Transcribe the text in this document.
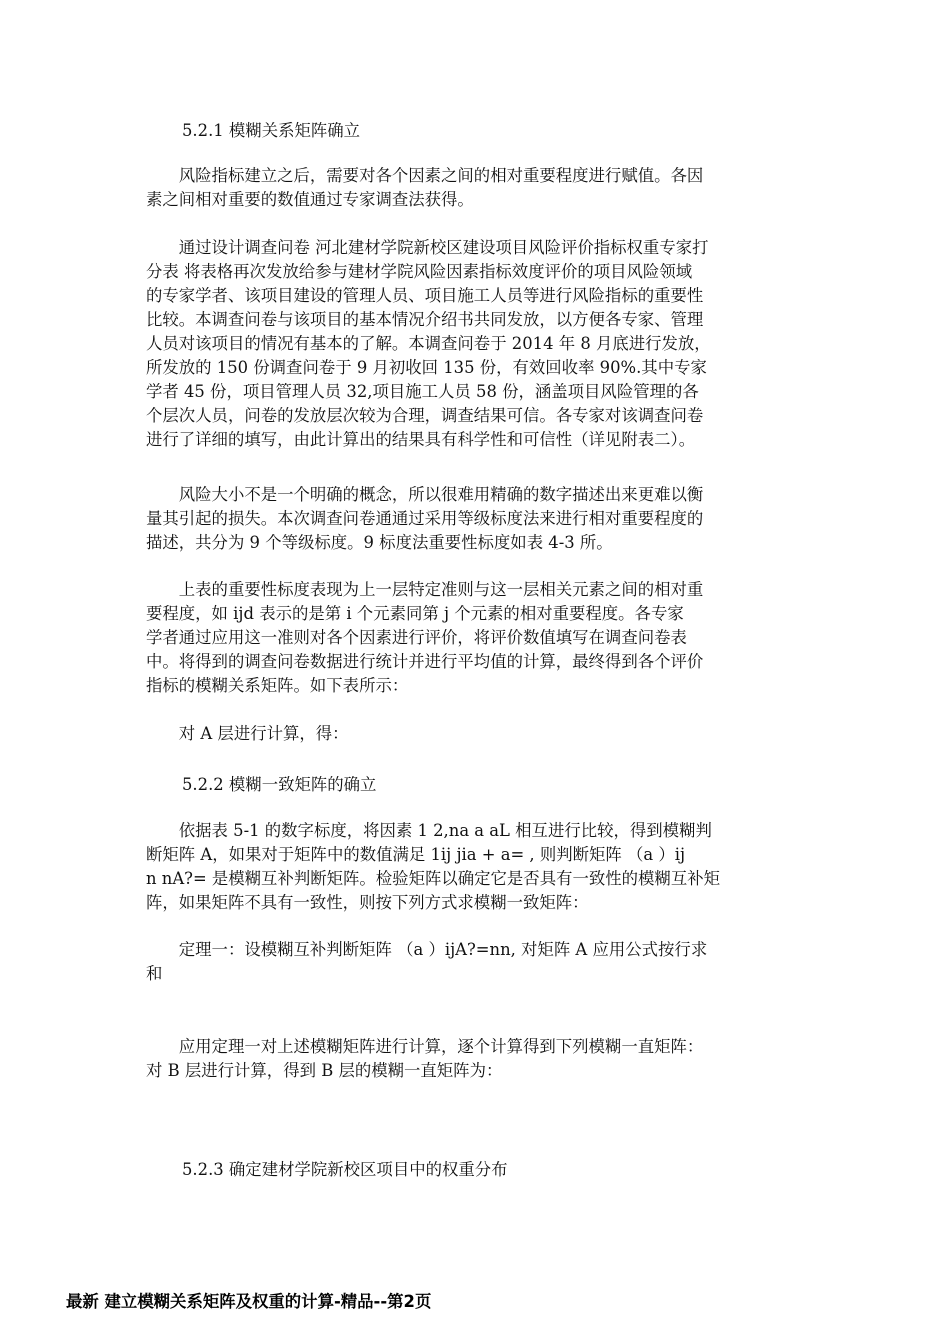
5.2.1 模糊关系矩阵确立
　　风险指标建立之后，需要对各个因素之间的相对重要程度进行赋值。各因
素之间相对重要的数值通过专家调查法获得。
　　通过设计调查问卷 河北建材学院新校区建设项目风险评价指标权重专家打
分表 将表格再次发放给参与建材学院风险因素指标效度评价的项目风险领域
的专家学者、该项目建设的管理人员、项目施工人员等进行风险指标的重要性
比较。本调查问卷与该项目的基本情况介绍书共同发放，以方便各专家、管理
人员对该项目的情况有基本的了解。本调查问卷于 2014 年 8 月底进行发放，
所发放的 150 份调查问卷于 9 月初收回 135 份，有效回收率 90%.其中专家
学者 45 份，项目管理人员 32,项目施工人员 58 份，涵盖项目风险管理的各
个层次人员，问卷的发放层次较为合理，调查结果可信。各专家对该调查问卷
进行了详细的填写，由此计算出的结果具有科学性和可信性（详见附表二）。
　　风险大小不是一个明确的概念，所以很难用精确的数字描述出来更难以衡
量其引起的损失。本次调查问卷通通过采用等级标度法来进行相对重要程度的
描述，共分为 9 个等级标度。9 标度法重要性标度如表 4-3 所。
　　上表的重要性标度表现为上一层特定准则与这一层相关元素之间的相对重
要程度，如 ijd 表示的是第 i 个元素同第 j 个元素的相对重要程度。各专家
学者通过应用这一准则对各个因素进行评价，将评价数值填写在调查问卷表
中。将得到的调查问卷数据进行统计并进行平均值的计算，最终得到各个评价
指标的模糊关系矩阵。如下表所示：
　　对 A 层进行计算，得：
5.2.2 模糊一致矩阵的确立
　　依据表 5-1 的数字标度，将因素 1 2,na a aL 相互进行比较，得到模糊判
断矩阵 A，如果对于矩阵中的数值满足 1ij jia + a= , 则判断矩阵 （a ）ij
n nA?= 是模糊互补判断矩阵。检验矩阵以确定它是否具有一致性的模糊互补矩
阵，如果矩阵不具有一致性，则按下列方式求模糊一致矩阵：
　　定理一：设模糊互补判断矩阵 （a ）ijA?=nn, 对矩阵 A 应用公式按行求
和
　　应用定理一对上述模糊矩阵进行计算，逐个计算得到下列模糊一直矩阵：
对 B 层进行计算，得到 B 层的模糊一直矩阵为：
5.2.3 确定建材学院新校区项目中的权重分布
最新 建立模糊关系矩阵及权重的计算-精品--第2页
